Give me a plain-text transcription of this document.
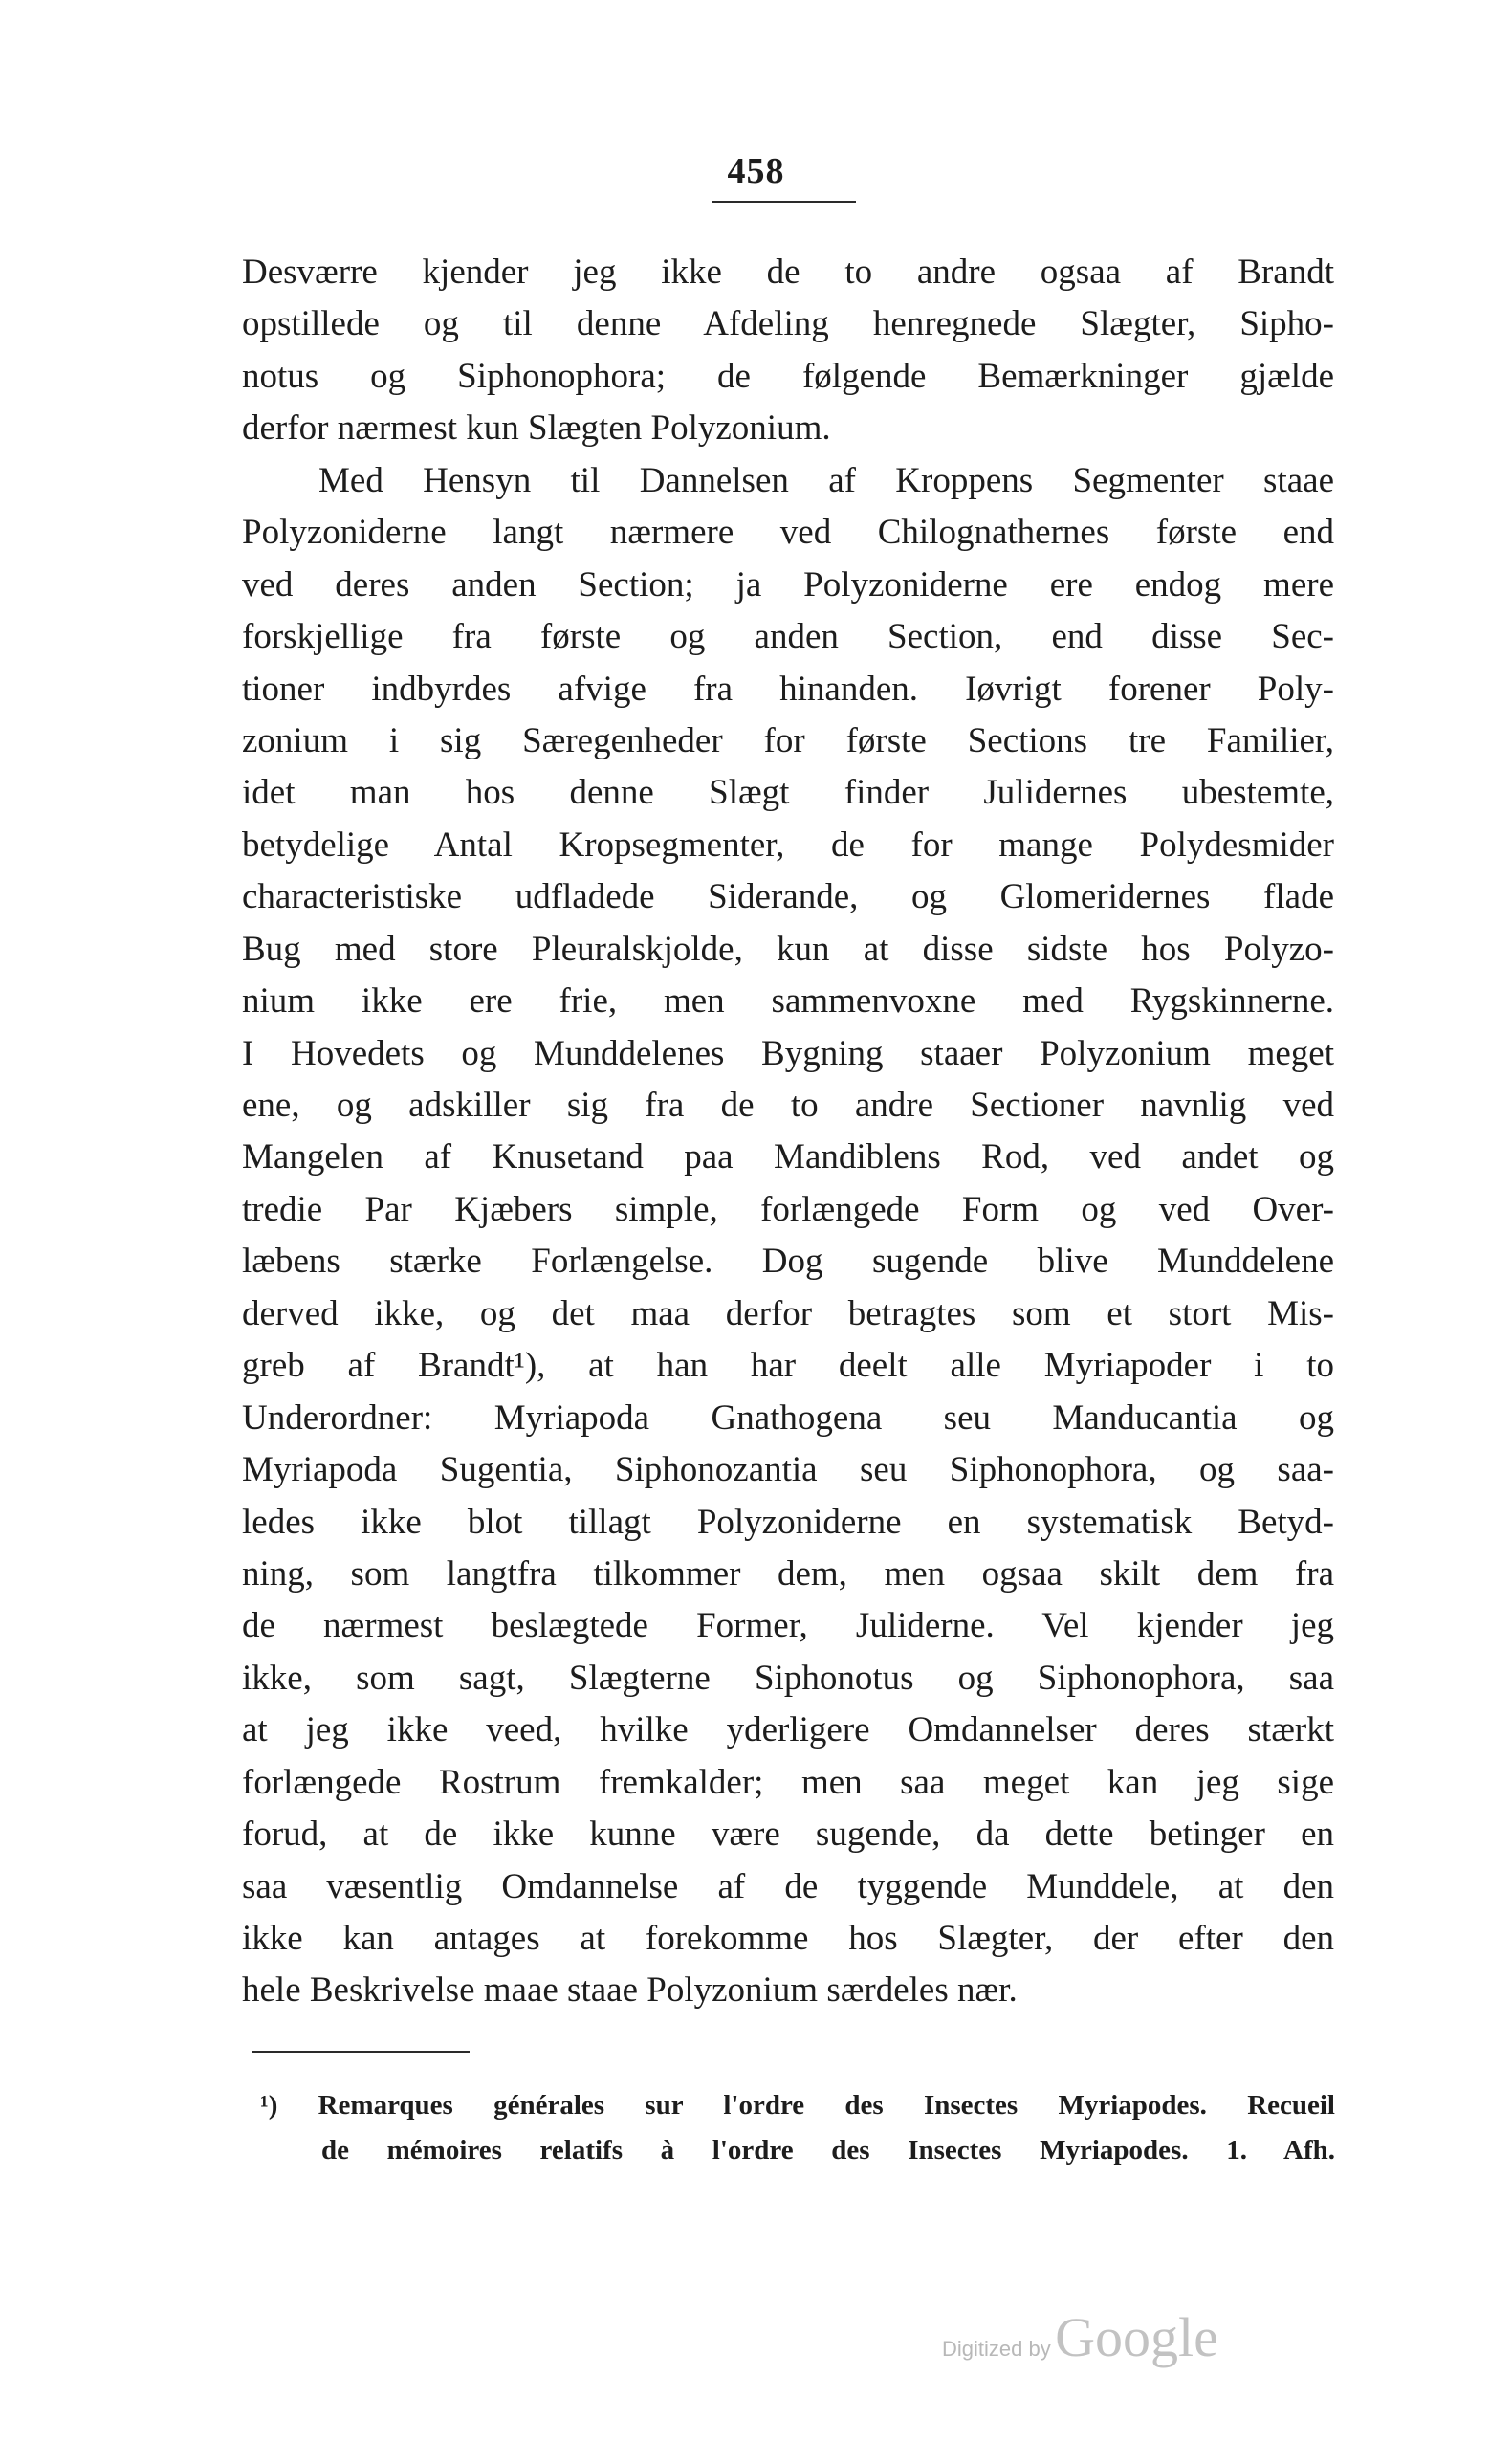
458
Desværre kjender jeg ikke de to andre ogsaa af Brandt
opstillede og til denne Afdeling henregnede Slægter, Sipho-
notus og Siphonophora; de følgende Bemærkninger gjælde
derfor nærmest kun Slægten Polyzonium.
Med Hensyn til Dannelsen af Kroppens Segmenter staae
Polyzoniderne langt nærmere ved Chilognathernes første end
ved deres anden Section; ja Polyzoniderne ere endog mere
forskjellige fra første og anden Section, end disse Sec-
tioner indbyrdes afvige fra hinanden. Iøvrigt forener Poly-
zonium i sig Særegenheder for første Sections tre Familier,
idet man hos denne Slægt finder Julidernes ubestemte,
betydelige Antal Kropsegmenter, de for mange Polydesmider
characteristiske udfladede Siderande, og Glomeridernes flade
Bug med store Pleuralskjolde, kun at disse sidste hos Polyzo-
nium ikke ere frie, men sammenvoxne med Rygskinnerne.
I Hovedets og Munddelenes Bygning staaer Polyzonium meget
ene, og adskiller sig fra de to andre Sectioner navnlig ved
Mangelen af Knusetand paa Mandiblens Rod, ved andet og
tredie Par Kjæbers simple, forlængede Form og ved Over-
læbens stærke Forlængelse. Dog sugende blive Munddelene
derved ikke, og det maa derfor betragtes som et stort Mis-
greb af Brandt¹), at han har deelt alle Myriapoder i to
Underordner: Myriapoda Gnathogena seu Manducantia og
Myriapoda Sugentia, Siphonozantia seu Siphonophora, og saa-
ledes ikke blot tillagt Polyzoniderne en systematisk Betyd-
ning, som langtfra tilkommer dem, men ogsaa skilt dem fra
de nærmest beslægtede Former, Juliderne. Vel kjender jeg
ikke, som sagt, Slægterne Siphonotus og Siphonophora, saa
at jeg ikke veed, hvilke yderligere Omdannelser deres stærkt
forlængede Rostrum fremkalder; men saa meget kan jeg sige
forud, at de ikke kunne være sugende, da dette betinger en
saa væsentlig Omdannelse af de tyggende Munddele, at den
ikke kan antages at forekomme hos Slægter, der efter den
hele Beskrivelse maae staae Polyzonium særdeles nær.
¹) Remarques générales sur l'ordre des Insectes Myriapodes. Recueil
de mémoires relatifs à l'ordre des Insectes Myriapodes. 1. Afh.
Digitized by Google
